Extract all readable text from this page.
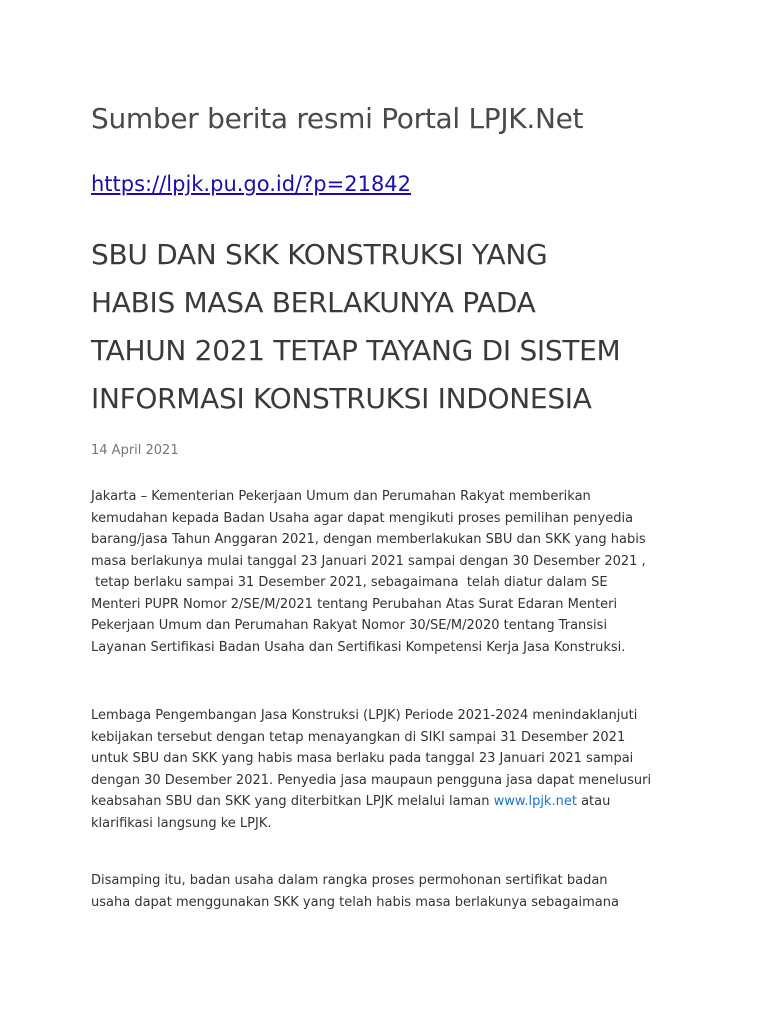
Sumber berita resmi Portal LPJK.Net
https://lpjk.pu.go.id/?p=21842
SBU DAN SKK KONSTRUKSI YANG
HABIS MASA BERLAKUNYA PADA
TAHUN 2021 TETAP TAYANG DI SISTEM
INFORMASI KONSTRUKSI INDONESIA
14 April 2021

Jakarta – Kementerian Pekerjaan Umum dan Perumahan Rakyat memberikan
kemudahan kepada Badan Usaha agar dapat mengikuti proses pemilihan penyedia
barang/jasa Tahun Anggaran 2021, dengan memberlakukan SBU dan SKK yang habis
masa berlakunya mulai tanggal 23 Januari 2021 sampai dengan 30 Desember 2021 ,
tetap berlaku sampai 31 Desember 2021, sebagaimana  telah diatur dalam SE
Menteri PUPR Nomor 2/SE/M/2021 tentang Perubahan Atas Surat Edaran Menteri
Pekerjaan Umum dan Perumahan Rakyat Nomor 30/SE/M/2020 tentang Transisi
Layanan Sertifikasi Badan Usaha dan Sertifikasi Kompetensi Kerja Jasa Konstruksi.

Lembaga Pengembangan Jasa Konstruksi (LPJK) Periode 2021-2024 menindaklanjuti
kebijakan tersebut dengan tetap menayangkan di SIKI sampai 31 Desember 2021
untuk SBU dan SKK yang habis masa berlaku pada tanggal 23 Januari 2021 sampai
dengan 30 Desember 2021. Penyedia jasa maupaun pengguna jasa dapat menelusuri
keabsahan SBU dan SKK yang diterbitkan LPJK melalui laman www.lpjk.net atau
klarifikasi langsung ke LPJK.

Disamping itu, badan usaha dalam rangka proses permohonan sertifikat badan
usaha dapat menggunakan SKK yang telah habis masa berlakunya sebagaimana
